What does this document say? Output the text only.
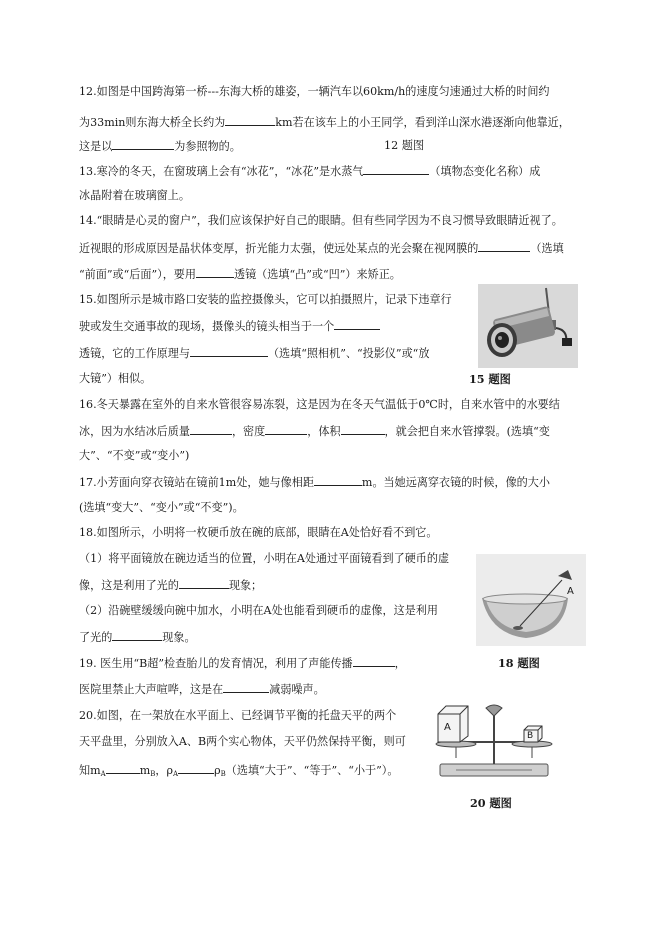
12.如图是中国跨海第一桥---东海大桥的雄姿，一辆汽车以60km/h的速度匀速通过大桥的时间约
为33min则东海大桥全长约为	km若在该车上的小王同学，看到洋山深水港逐渐向他靠近，
这是以	为参照物的。	12 题图
13.寒冷的冬天，在窗玻璃上会有“冰花”，“冰花”是水蒸气	（填物态变化名称）成
冰晶附着在玻璃窗上。
14.“眼睛是心灵的窗户”，我们应该保护好自己的眼睛。但有些同学因为不良习惯导致眼睛近视了。
近视眼的形成原因是晶状体变厚，折光能力太强，使远处某点的光会聚在视网膜的	（选填
“前面”或“后面”），要用	透镜（选填“凸”或“凹”）来矫正。
15.如图所示是城市路口安装的监控摄像头，它可以拍摄照片，记录下违章行
驶或发生交通事故的现场，摄像头的镜头相当于一个
透镜，它的工作原理与	（选填“照相机”、“投影仪”或“放
大镜”）相似。	15 题图
16.冬天暴露在室外的自来水管很容易冻裂，这是因为在冬天气温低于0℃时，自来水管中的水要结
冰，因为水结冰后质量	，密度	，体积	，就会把自来水管撑裂。(选填“变
大”、“不变”或“变小”)
17.小芳面向穿衣镜站在镜前1m处，她与像相距	m。当她远离穿衣镜的时候，像的大小
(选填“变大”、“变小”或“不变”)。
18.如图所示，小明将一枚硬币放在碗的底部，眼睛在A处恰好看不到它。
（1）将平面镜放在碗边适当的位置，小明在A处通过平面镜看到了硬币的虚
像，这是利用了光的	现象；
（2）沿碗壁缓缓向碗中加水，小明在A处也能看到硬币的虚像，这是利用
了光的	现象。
A
18 题图
19. 医生用“B超”检查胎儿的发育情况，利用了声能传播	，
医院里禁止大声喧哗，这是在	减弱噪声。
20.如图，在一架放在水平面上、已经调节平衡的托盘天平的两个
天平盘里，分别放入A、B两个实心物体，天平仍然保持平衡，则可
知$m_A$	$m_B$，$\rho_A$	$\rho_B$（选填“大于”、“等于”、“小于”）。
A
B
20 题图
